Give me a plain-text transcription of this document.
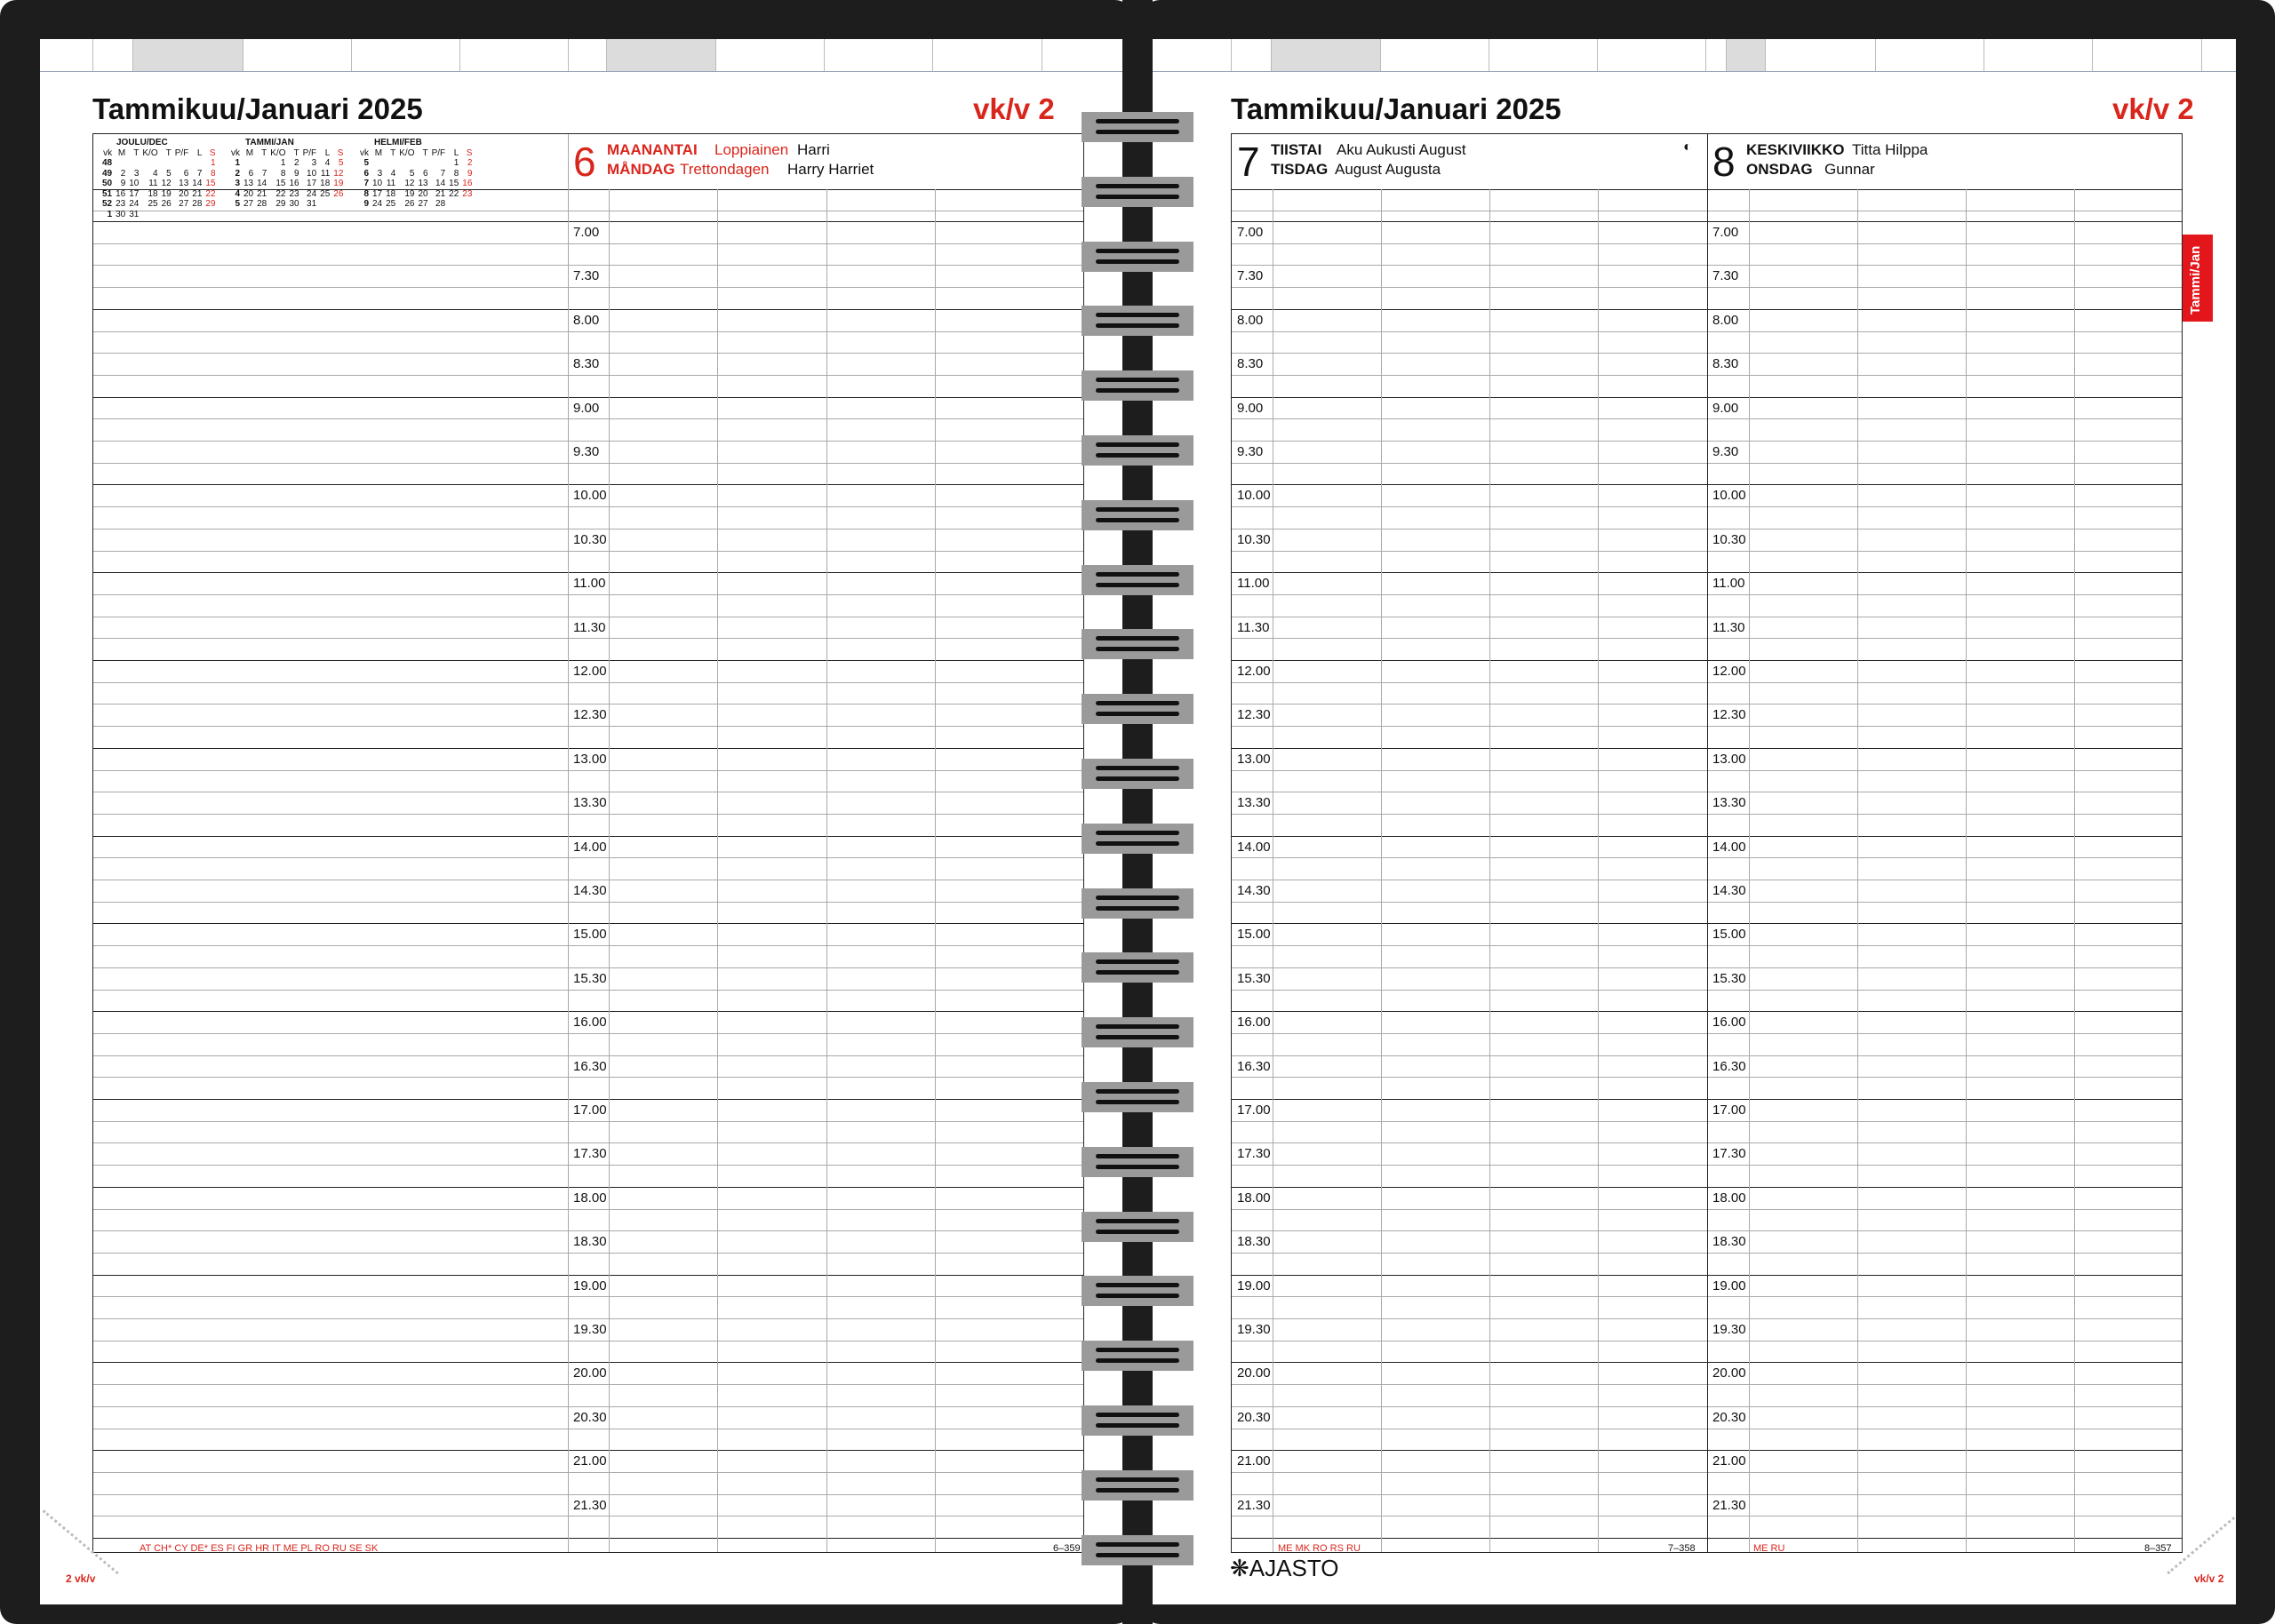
Tammikuu/Januari 2025	vk/v 2
7.00
7.30
8.00
8.30
9.00
9.30
10.00
10.30
11.00
11.30
12.00
12.30
13.00
13.30
14.00
14.30
15.00
15.30
16.00
16.30
17.00
17.30
18.00
18.30
19.00
19.30
20.00
20.30
21.00
21.30
6 MAANANTAI
MÅNDAG
Loppiainen Harri
Trettondagen Harry Harriet
AT CH* CY DE* ES FI GR HR IT ME PL RO RU SE SK	6–359
JOULU/DEC							
vk	M	T	K/O	T	P/F	L	S
48							1
49	2	3	4	5	6	7	8
50	9	10	11	12	13	14	15
51	16	17	18	19	20	21	22
52	23	24	25	26	27	28	29
1	30	31					
TAMMI/JAN							
vk	M	T	K/O	T	P/F	L	S
1			1	2	3	4	5
2	6	7	8	9	10	11	12
3	13	14	15	16	17	18	19
4	20	21	22	23	24	25	26
5	27	28	29	30	31		
HELMI/FEB							
vk	M	T	K/O	T	P/F	L	S
5						1	2
6	3	4	5	6	7	8	9
7	10	11	12	13	14	15	16
8	17	18	19	20	21	22	23
9	24	25	26	27	28		
2 vk/v
Tammikuu/Januari 2025	vk/v 2
7.00
7.30
8.00
8.30
9.00
9.30
10.00
10.30
11.00
11.30
12.00
12.30
13.00
13.30
14.00
14.30
15.00
15.30
16.00
16.30
17.00
17.30
18.00
18.30
19.00
19.30
20.00
20.30
21.00
21.30
7.00
7.30
8.00
8.30
9.00
9.30
10.00
10.30
11.00
11.30
12.00
12.30
13.00
13.30
14.00
14.30
15.00
15.30
16.00
16.30
17.00
17.30
18.00
18.30
19.00
19.30
20.00
20.30
21.00
21.30
7 TIISTAI
TISDAG
Aku Aukusti August
August Augusta
◐
ME MK RO RS RU	7–358
8 KESKIVIIKKO
ONSDAG
Titta Hilppa
Gunnar
ME RU	8–357
vk/v 2
Tammi/Jan
❋AJASTO
